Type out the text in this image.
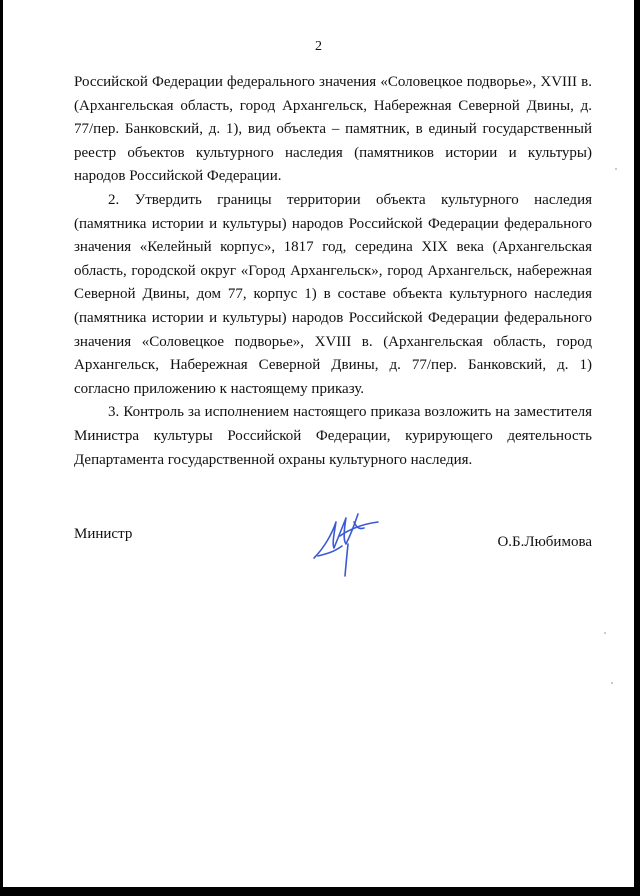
2

Российской Федерации федерального значения «Соловецкое подворье», XVIII в. (Архангельская область, город Архангельск, Набережная Северной Двины, д. 77/пер. Банковский, д. 1), вид объекта – памятник, в единый государственный реестр объектов культурного наследия (памятников истории и культуры) народов Российской Федерации.

2. Утвердить границы территории объекта культурного наследия (памятника истории и культуры) народов Российской Федерации федерального значения «Келейный корпус», 1817 год, середина XIX века (Архангельская область, городской округ «Город Архангельск», город Архангельск, набережная Северной Двины, дом 77, корпус 1) в составе объекта культурного наследия (памятника истории и культуры) народов Российской Федерации федерального значения «Соловецкое подворье», XVIII в. (Архангельская область, город Архангельск, Набережная Северной Двины, д. 77/пер. Банковский, д. 1) согласно приложению к настоящему приказу.

3. Контроль за исполнением настоящего приказа возложить на заместителя Министра культуры Российской Федерации, курирующего деятельность Департамента государственной охраны культурного наследия.

Министр	О.Б.Любимова
